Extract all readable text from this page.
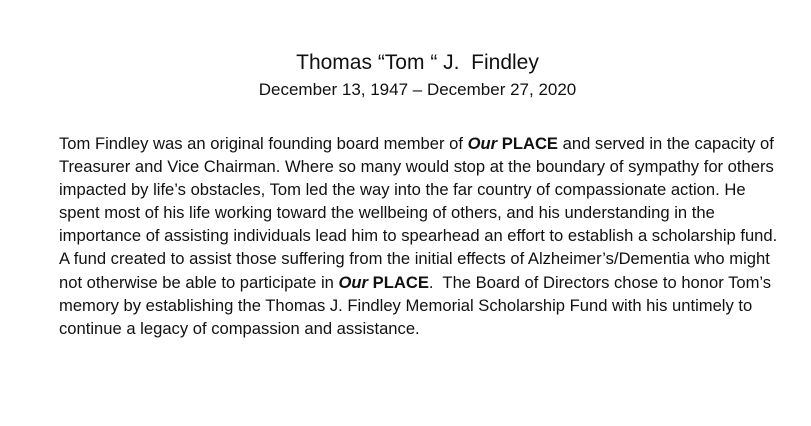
Thomas “Tom “ J.  Findley
December 13, 1947 – December 27, 2020

Tom Findley was an original founding board member of Our PLACE and served in the capacity of Treasurer and Vice Chairman. Where so many would stop at the boundary of sympathy for others impacted by life’s obstacles, Tom led the way into the far country of compassionate action. He spent most of his life working toward the wellbeing of others, and his understanding in the importance of assisting individuals lead him to spearhead an effort to establish a scholarship fund. A fund created to assist those suffering from the initial effects of Alzheimer’s/Dementia who might not otherwise be able to participate in Our PLACE.  The Board of Directors chose to honor Tom’s memory by establishing the Thomas J. Findley Memorial Scholarship Fund with his untimely to continue a legacy of compassion and assistance.
